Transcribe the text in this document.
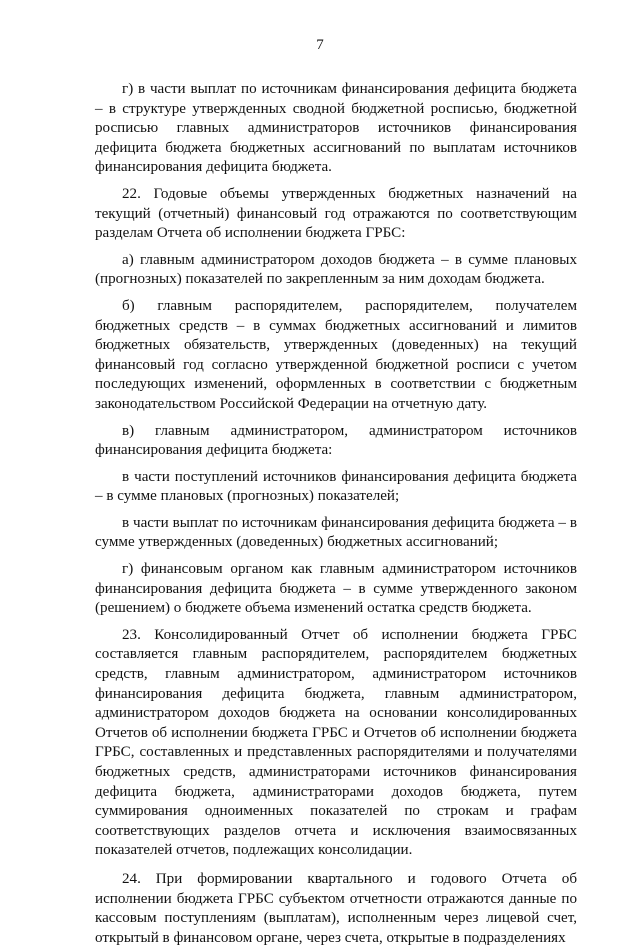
7

г) в части выплат по источникам финансирования дефицита бюджета – в структуре утвержденных сводной бюджетной росписью, бюджетной росписью главных администраторов источников финансирования дефицита бюджета бюджетных ассигнований по выплатам источников финансирования дефицита бюджета.

22. Годовые объемы утвержденных бюджетных назначений на текущий (отчетный) финансовый год отражаются по соответствующим разделам Отчета об исполнении бюджета ГРБС:

а) главным администратором доходов бюджета – в сумме плановых (прогнозных) показателей по закрепленным за ним доходам бюджета.

б) главным распорядителем, распорядителем, получателем бюджетных средств – в суммах бюджетных ассигнований и лимитов бюджетных обязательств, утвержденных (доведенных) на текущий финансовый год согласно утвержденной бюджетной росписи с учетом последующих изменений, оформленных в соответствии с бюджетным законодательством Российской Федерации на отчетную дату.

в) главным администратором, администратором источников финансирования дефицита бюджета:

в части поступлений источников финансирования дефицита бюджета – в сумме плановых (прогнозных) показателей;

в части выплат по источникам финансирования дефицита бюджета – в сумме утвержденных (доведенных) бюджетных ассигнований;

г) финансовым органом как главным администратором источников финансирования дефицита бюджета – в сумме утвержденного законом (решением) о бюджете объема изменений остатка средств бюджета.

23. Консолидированный Отчет об исполнении бюджета ГРБС составляется главным распорядителем, распорядителем бюджетных средств, главным администратором, администратором источников финансирования дефицита бюджета, главным администратором, администратором доходов бюджета на основании консолидированных Отчетов об исполнении бюджета ГРБС и Отчетов об исполнении бюджета ГРБС, составленных и представленных распорядителями и получателями бюджетных средств, администраторами источников финансирования дефицита бюджета, администраторами доходов бюджета, путем суммирования одноименных показателей по строкам и графам соответствующих разделов отчета и исключения взаимосвязанных показателей отчетов, подлежащих консолидации.

24. При формировании квартального и годового Отчета об исполнении бюджета ГРБС субъектом отчетности отражаются данные по кассовым поступлениям (выплатам), исполненным через лицевой счет, открытый в финансовом органе, через счета, открытые в подразделениях
